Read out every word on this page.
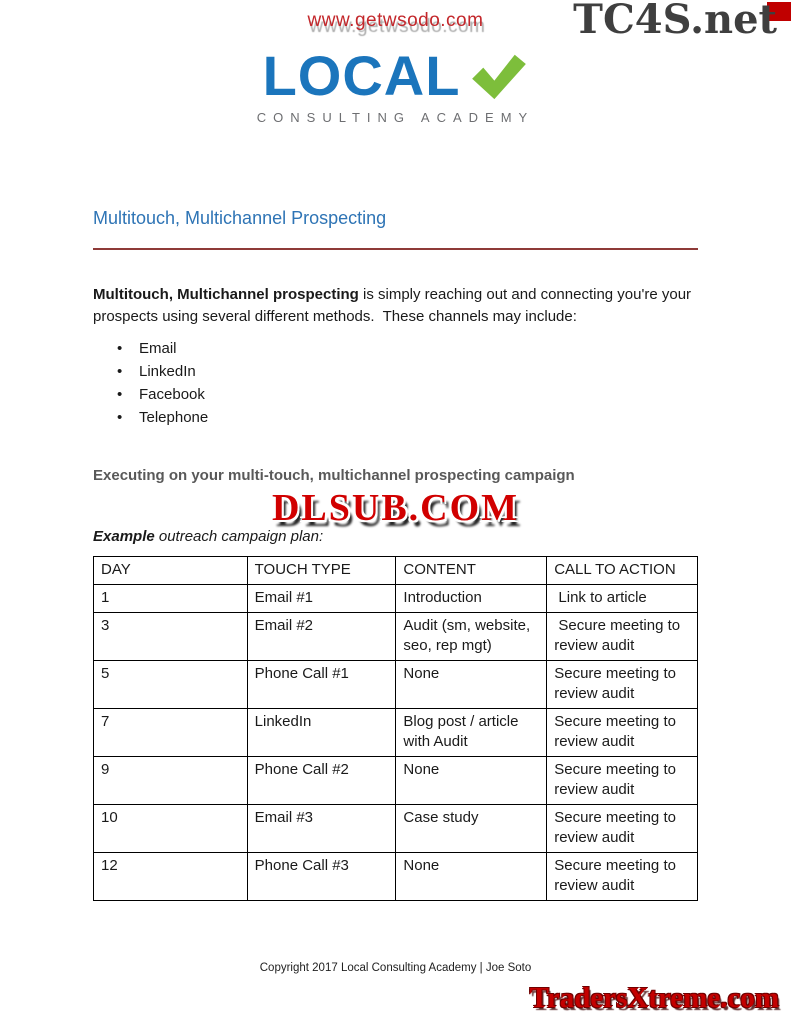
www.getwsodo.com	TC4S.net
LOCAL
CONSULTING ACADEMY
Multitouch, Multichannel Prospecting

Multitouch, Multichannel prospecting is simply reaching out and connecting you're your prospects using several different methods.  These channels may include:

•	Email
•	LinkedIn
•	Facebook
•	Telephone
Executing on your multi-touch, multichannel prospecting campaign
DLSUB.COM

Example outreach campaign plan:

DAY	TOUCH TYPE	CONTENT	CALL TO ACTION
1	Email #1	Introduction	Link to article
3	Email #2	Audit (sm, website, seo, rep mgt)	Secure meeting to review audit
5	Phone Call #1	None	Secure meeting to review audit
7	LinkedIn	Blog post / article with Audit	Secure meeting to review audit
9	Phone Call #2	None	Secure meeting to review audit
10	Email #3	Case study	Secure meeting to review audit
12	Phone Call #3	None	Secure meeting to review audit
Copyright 2017 Local Consulting Academy | Joe Soto
TradersXtreme.com
